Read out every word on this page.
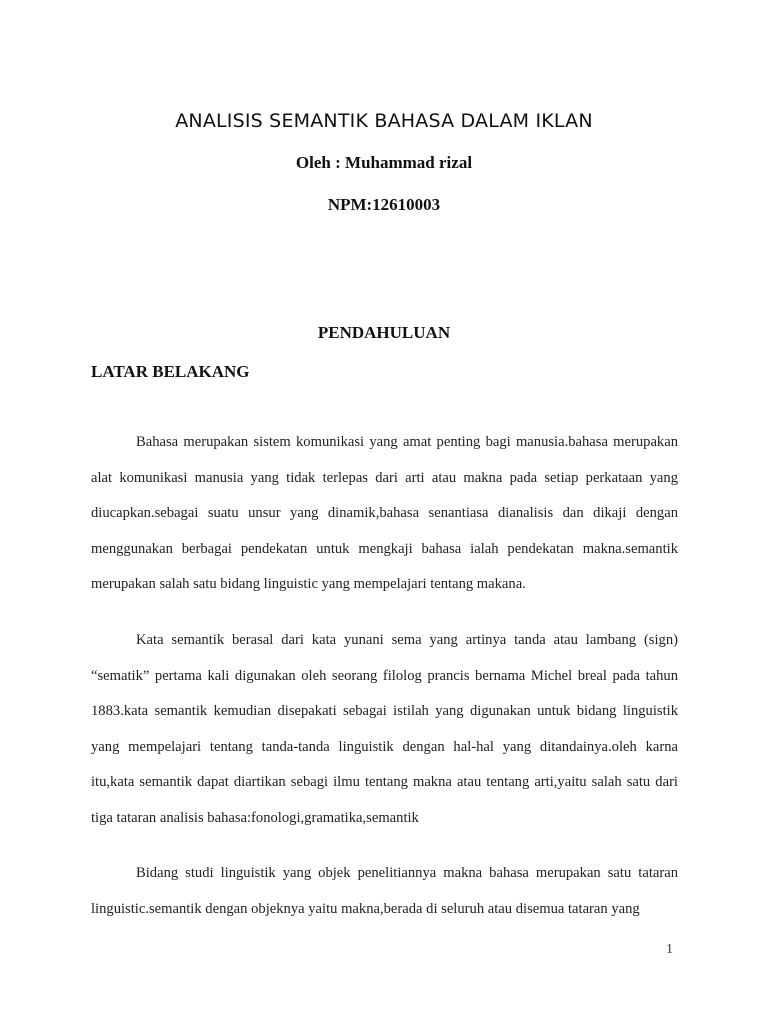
ANALISIS SEMANTIK BAHASA DALAM IKLAN
Oleh : Muhammad rizal
NPM:12610003
PENDAHULUAN
LATAR BELAKANG
Bahasa merupakan sistem komunikasi yang amat penting bagi manusia.bahasa merupakan alat komunikasi manusia yang tidak terlepas dari arti atau makna pada setiap perkataan yang diucapkan.sebagai suatu unsur yang dinamik,bahasa senantiasa dianalisis dan dikaji dengan menggunakan berbagai pendekatan untuk mengkaji bahasa ialah pendekatan makna.semantik merupakan salah satu bidang linguistic yang mempelajari tentang makana.
Kata semantik berasal dari kata yunani sema yang artinya tanda atau lambang (sign) “sematik” pertama kali digunakan oleh seorang filolog prancis bernama Michel breal pada tahun 1883.kata semantik kemudian disepakati sebagai istilah yang digunakan untuk bidang linguistik yang mempelajari tentang tanda-tanda linguistik dengan hal-hal yang ditandainya.oleh karna itu,kata semantik dapat diartikan sebagi ilmu tentang makna atau tentang arti,yaitu salah satu dari tiga tataran analisis bahasa:fonologi,gramatika,semantik
Bidang studi linguistik yang objek penelitiannya makna bahasa merupakan satu tataran linguistic.semantik dengan objeknya yaitu makna,berada di seluruh atau disemua tataran yang
1
